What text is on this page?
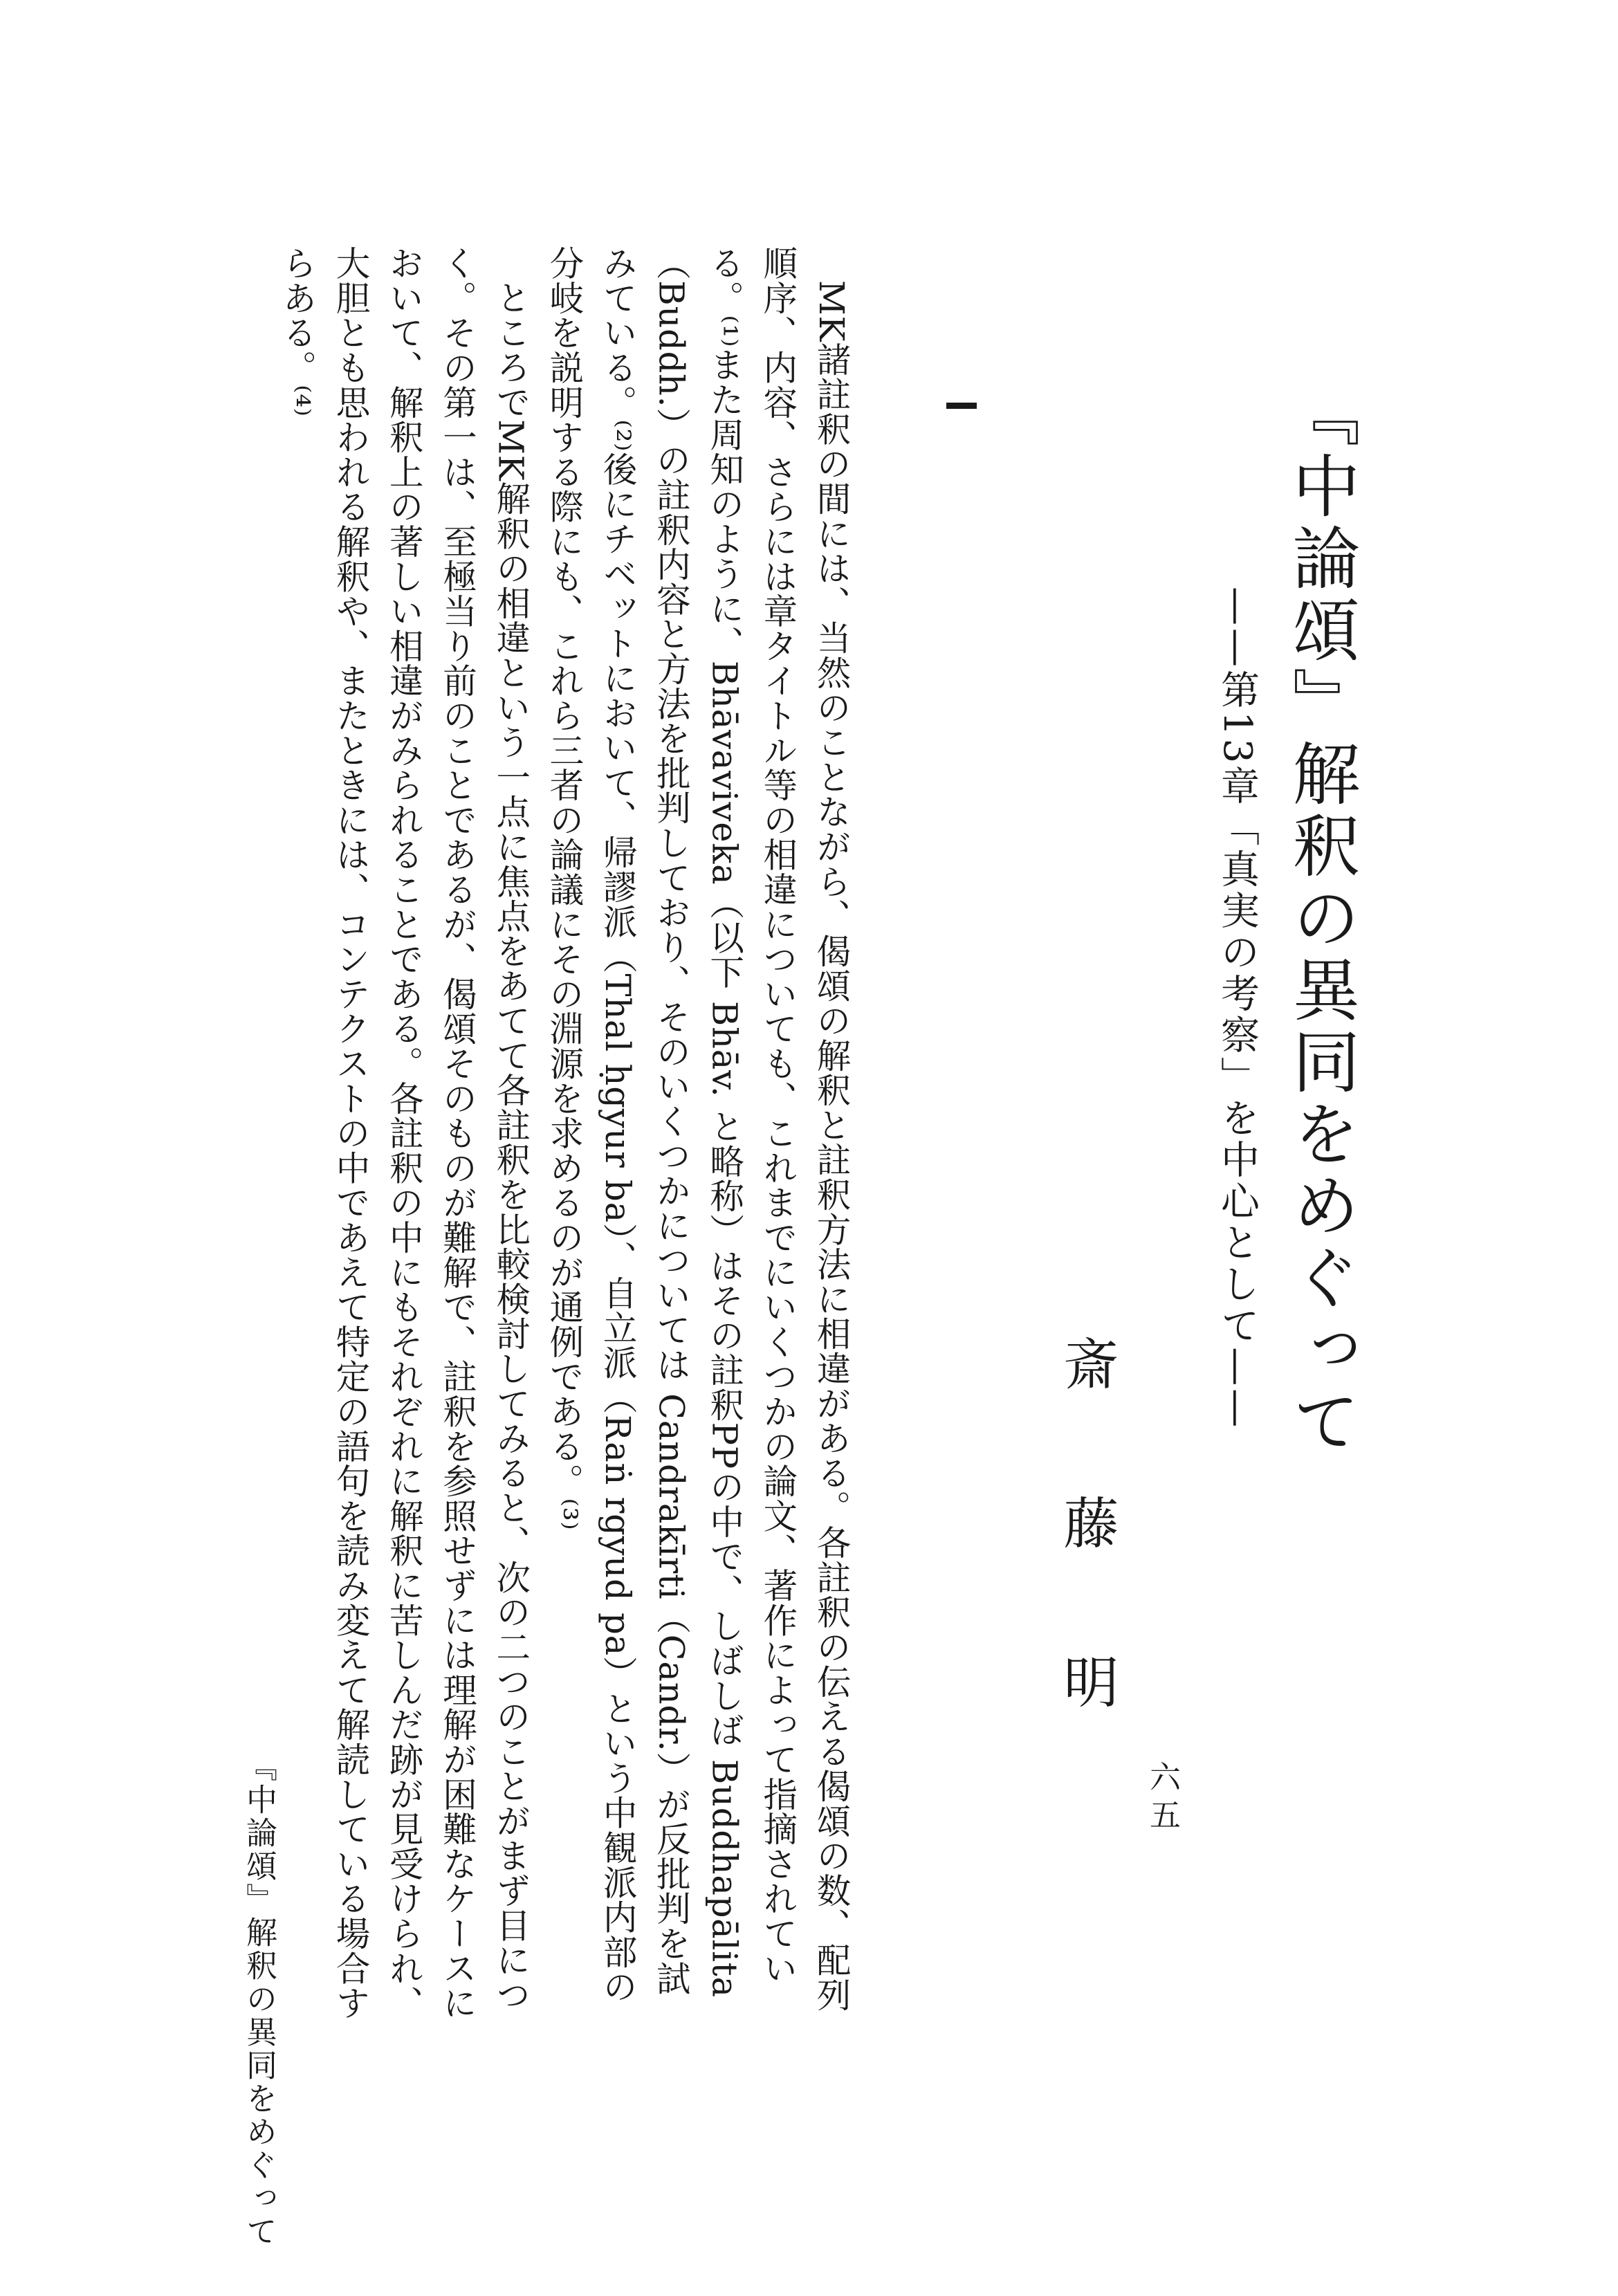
『中論頌』解釈の異同をめぐって
——第13章「真実の考察」を中心として——
斎藤明

MK諸註釈の間には、当然のことながら、偈頌の解釈と註釈方法に相違がある。各註釈の伝える偈頌の数、配列順序、内容、さらには章タイトル等の相違についても、これまでにいくつかの論文、著作によって指摘されている。⁽¹⁾また周知のように、Bhāvaviveka（以下 Bhāv. と略称）はその註釈PPの中で、しばしば Buddhapālita（Buddh.）の註釈内容と方法を批判しており、そのいくつかについては Candrakīrti（Candr.）が反批判を試みている。⁽²⁾後にチベットにおいて、帰謬派（Thal ḥgyur ba）、自立派（Raṅ rgyud pa）という中観派内部の分岐を説明する際にも、これら三者の論議にその淵源を求めるのが通例である。⁽³⁾

ところでMK解釈の相違という一点に焦点をあてて各註釈を比較検討してみると、次の二つのことがまず目につく。その第一は、至極当り前のことであるが、偈頌そのものが難解で、註釈を参照せずには理解が困難なケースにおいて、解釈上の著しい相違がみられることである。各註釈の中にもそれぞれに解釈に苦しんだ跡が見受けられ、大胆とも思われる解釈や、またときには、コンテクストの中であえて特定の語句を読み変えて解読している場合すらある。⁽⁴⁾

『中論頌』解釈の異同をめぐって	六五
